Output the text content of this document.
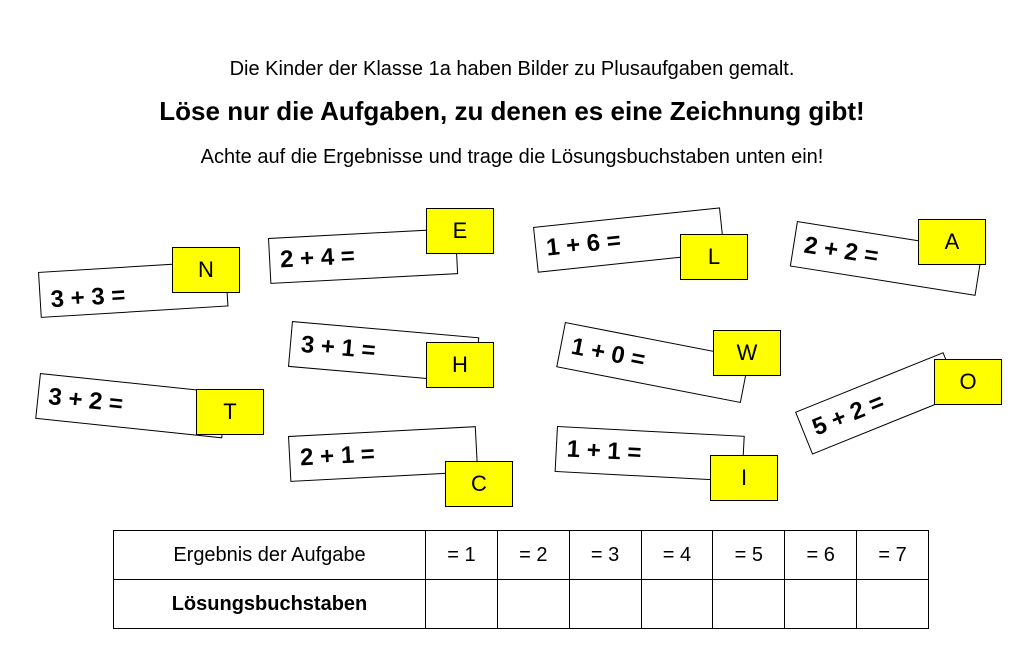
Die Kinder der Klasse 1a haben Bilder zu Plusaufgaben gemalt.
Löse nur die Aufgaben, zu denen es eine Zeichnung gibt!
Achte auf die Ergebnisse und trage die Lösungsbuchstaben unten ein!
3 + 3 =
N	2 + 4 =
E	1 + 6 =	L	2 + 2 =	A
3 + 1 =
H	1 + 0 =	W
3 + 2 =	T	5 + 2 =
O
2 + 1 =
C
1 + 1 =
I
Ergebnis der Aufgabe	= 1	= 2	= 3	= 4	= 5	= 6	= 7
Lösungsbuchstaben							
